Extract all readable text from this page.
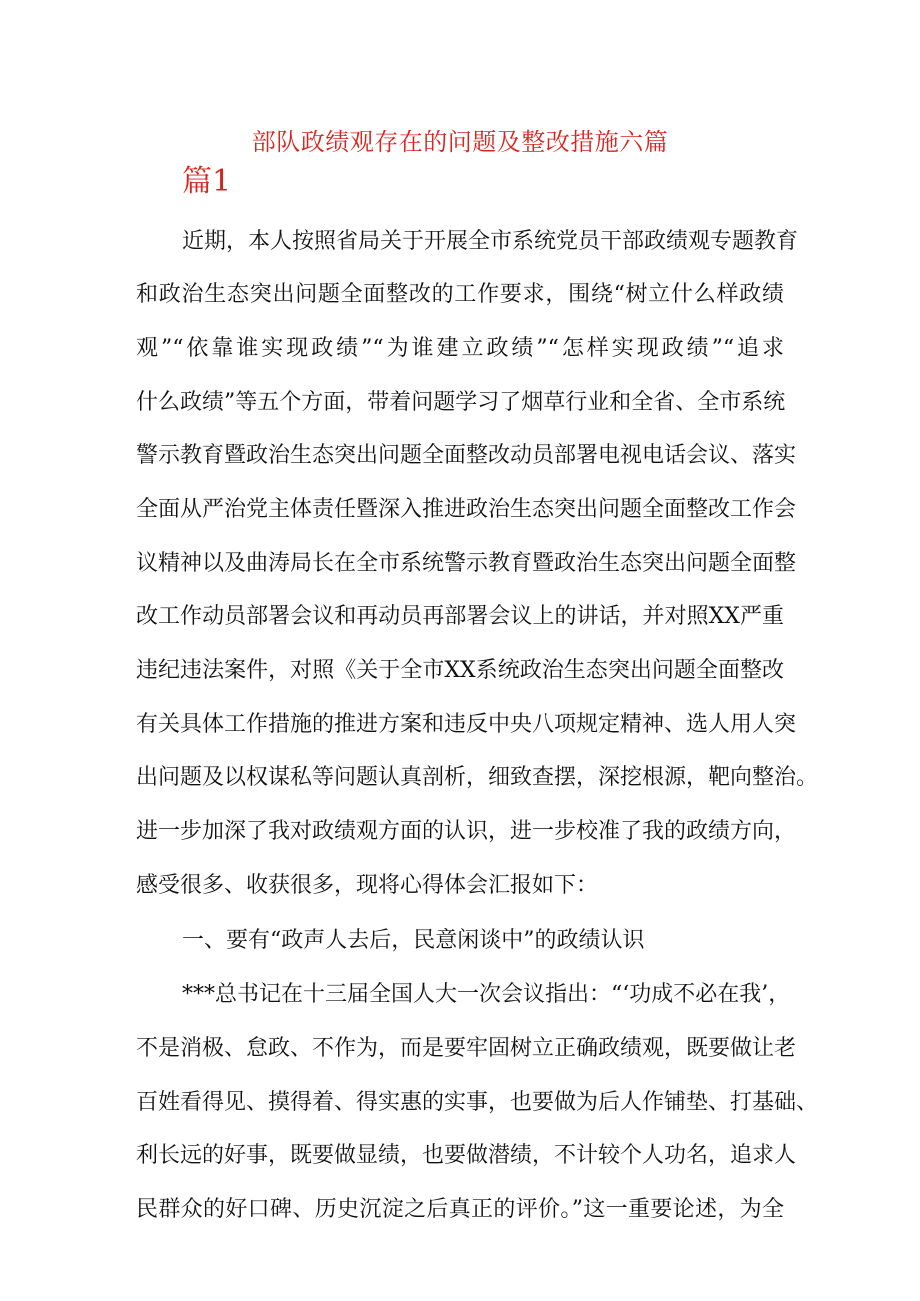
部队政绩观存在的问题及整改措施六篇
篇1
近期，本人按照省局关于开展全市系统党员干部政绩观专题教育
和政治生态突出问题全面整改的工作要求，围绕“树立什么样政绩
观”“依靠谁实现政绩”“为谁建立政绩”“怎样实现政绩”“追求
什么政绩”等五个方面，带着问题学习了烟草行业和全省、全市系统
警示教育暨政治生态突出问题全面整改动员部署电视电话会议、落实
全面从严治党主体责任暨深入推进政治生态突出问题全面整改工作会
议精神以及曲涛局长在全市系统警示教育暨政治生态突出问题全面整
改工作动员部署会议和再动员再部署会议上的讲话，并对照XX严重
违纪违法案件，对照《关于全市XX系统政治生态突出问题全面整改
有关具体工作措施的推进方案和违反中央八项规定精神、选人用人突
出问题及以权谋私等问题认真剖析，细致查摆，深挖根源，靶向整治。
进一步加深了我对政绩观方面的认识，进一步校准了我的政绩方向，
感受很多、收获很多，现将心得体会汇报如下：
一、要有“政声人去后，民意闲谈中”的政绩认识
***总书记在十三届全国人大一次会议指出：“‘功成不必在我’，
不是消极、怠政、不作为，而是要牢固树立正确政绩观，既要做让老
百姓看得见、摸得着、得实惠的实事，也要做为后人作铺垫、打基础、
利长远的好事，既要做显绩，也要做潜绩，不计较个人功名，追求人
民群众的好口碑、历史沉淀之后真正的评价。”这一重要论述，为全
